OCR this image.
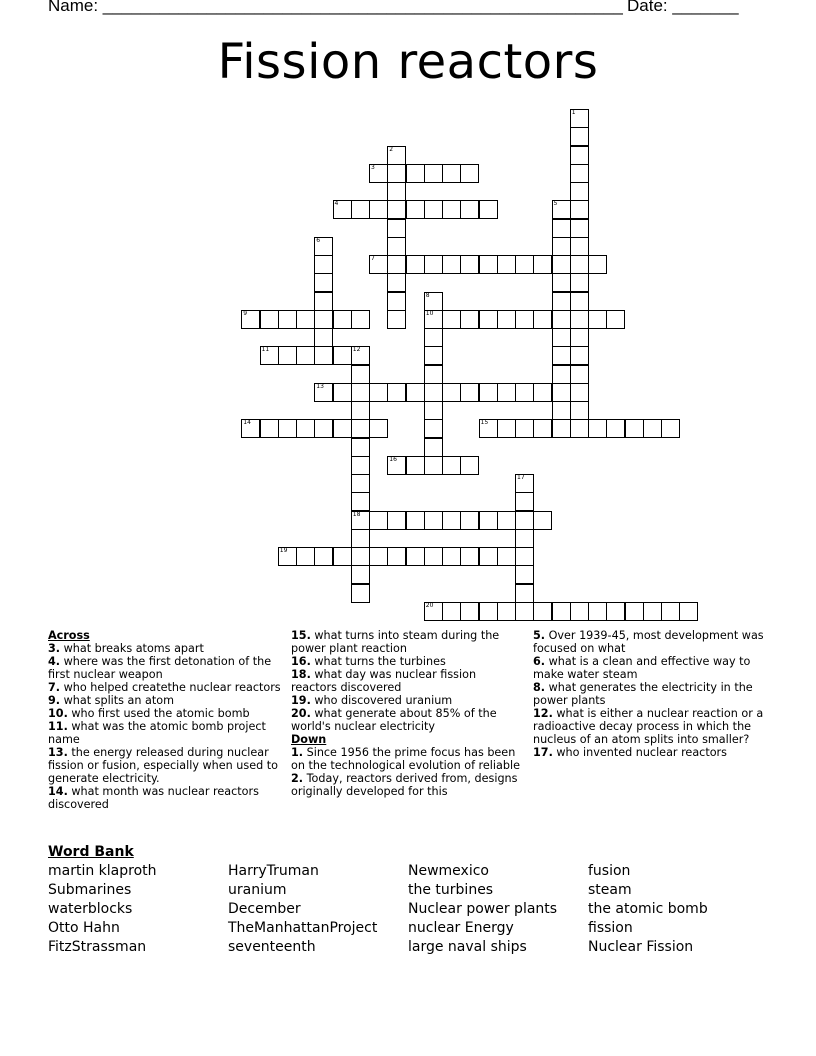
Name: _______________________________________________________ Date: _______
Fission reactors
1
2
3
4	5
6
7
8
10
9
11	12
18
13
14	15
16
17
19
20
Across
3. what breaks atoms apart
4. where was the first detonation of the first nuclear weapon
7. who helped createthe nuclear reactors
9. what splits an atom
10. who first used the atomic bomb
11. what was the atomic bomb project name
13. the energy released during nuclear fission or fusion, especially when used to generate electricity.
14. what month was nuclear reactors discovered
15. what turns into steam during the power plant reaction
16. what turns the turbines
18. what day was nuclear fission reactors discovered
19. who discovered uranium
20. what generate about 85% of the world's nuclear electricity
Down
1. Since 1956 the prime focus has been on the technological evolution of reliable
2. Today, reactors derived from, designs originally developed for this
5. Over 1939-45, most development was focused on what
6. what is a clean and effective way to make water steam
8. what generates the electricity in the power plants
12. what is either a nuclear reaction or a radioactive decay process in which the nucleus of an atom splits into smaller?
17. who invented nuclear reactors
Word Bank
martin klaproth
Submarines
waterblocks
Otto Hahn
FitzStrassman
HarryTruman
uranium
December
TheManhattanProject
seventeenth
Newmexico
the turbines
Nuclear power plants
nuclear Energy
large naval ships
fusion
steam
the atomic bomb
fission
Nuclear Fission
